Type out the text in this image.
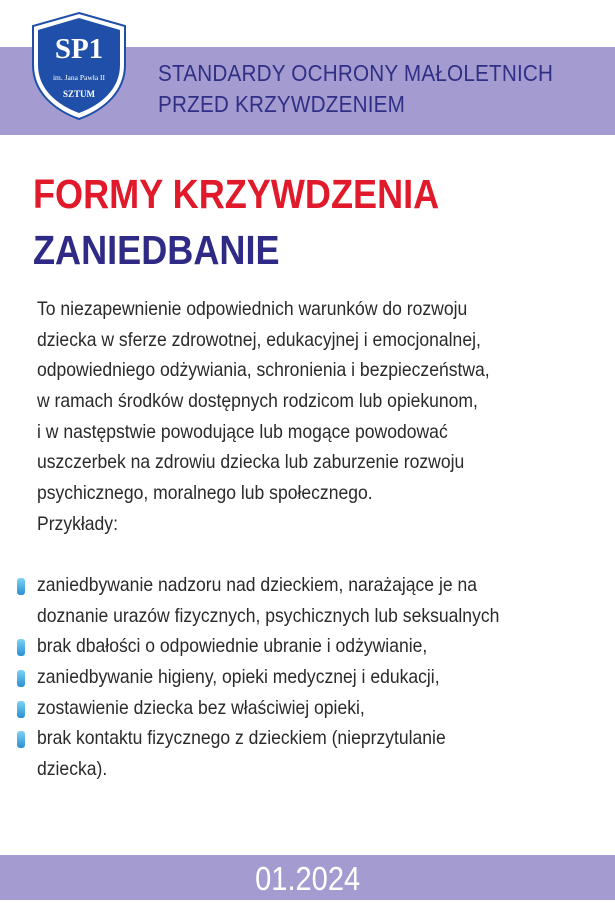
SP1
im. Jana Pawła II
SZTUM
STANDARDY OCHRONY MAŁOLETNICH
PRZED KRZYWDZENIEM
FORMY KRZYWDZENIA
ZANIEDBANIE
To niezapewnienie odpowiednich warunków do rozwoju
dziecka w sferze zdrowotnej, edukacyjnej i emocjonalnej,
odpowiedniego odżywiania, schronienia i bezpieczeństwa,
w ramach środków dostępnych rodzicom lub opiekunom,
i w następstwie powodujące lub mogące powodować
uszczerbek na zdrowiu dziecka lub zaburzenie rozwoju
psychicznego, moralnego lub społecznego.
Przykłady:
zaniedbywanie nadzoru nad dzieckiem, narażające je na
doznanie urazów fizycznych, psychicznych lub seksualnych
brak dbałości o odpowiednie ubranie i odżywianie,
zaniedbywanie higieny, opieki medycznej i edukacji,
zostawienie dziecka bez właściwiej opieki,
brak kontaktu fizycznego z dzieckiem (nieprzytulanie
dziecka).
01.2024
